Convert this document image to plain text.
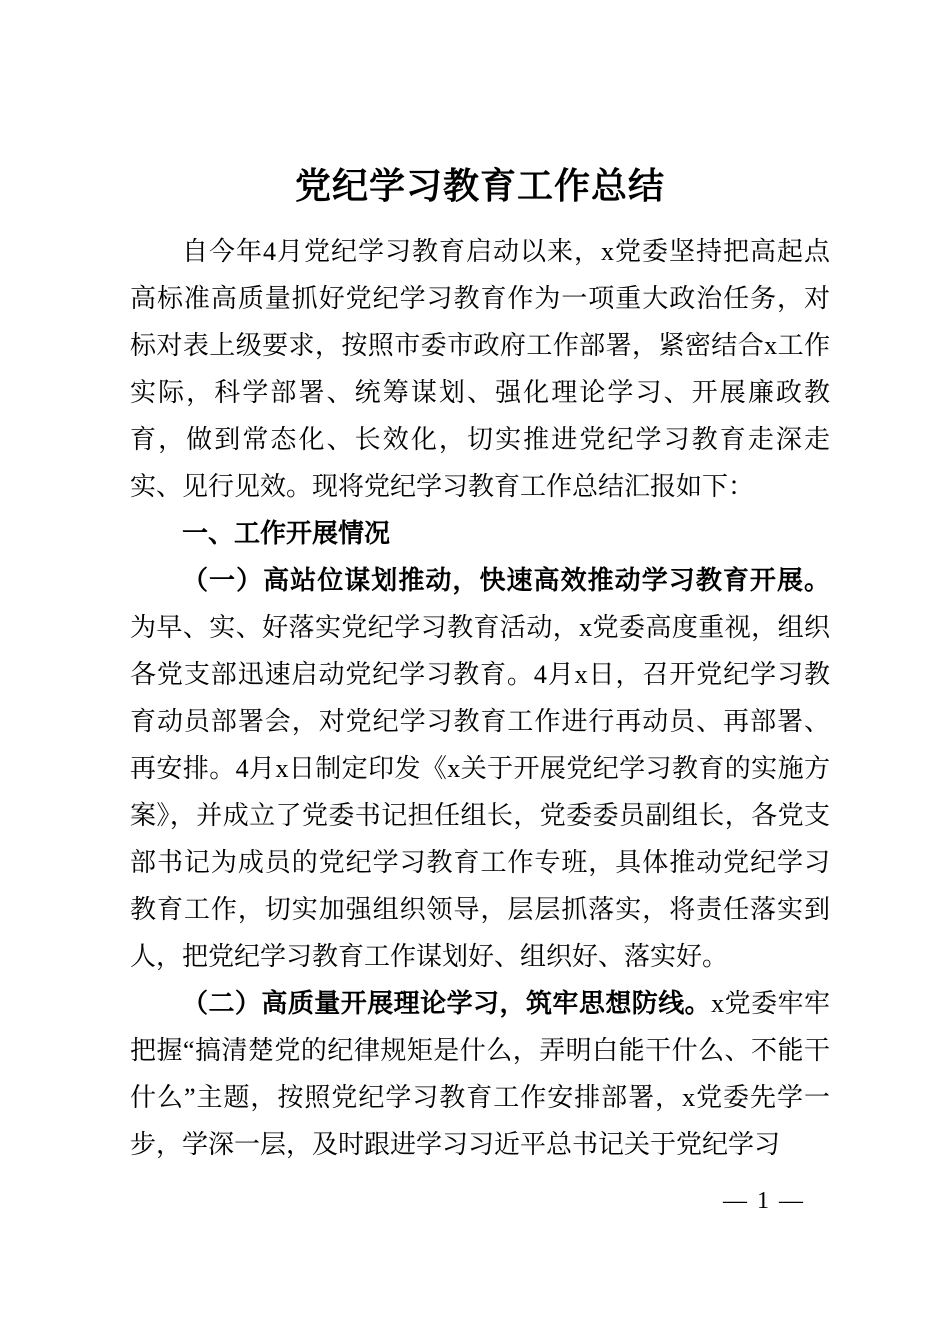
党纪学习教育工作总结

自今年4月党纪学习教育启动以来，x党委坚持把高起点高标准高质量抓好党纪学习教育作为一项重大政治任务，对标对表上级要求，按照市委市政府工作部署，紧密结合x工作实际，科学部署、统筹谋划、强化理论学习、开展廉政教育，做到常态化、长效化，切实推进党纪学习教育走深走实、见行见效。现将党纪学习教育工作总结汇报如下：

一、工作开展情况

（一）高站位谋划推动，快速高效推动学习教育开展。为早、实、好落实党纪学习教育活动，x党委高度重视，组织各党支部迅速启动党纪学习教育。4月x日，召开党纪学习教育动员部署会，对党纪学习教育工作进行再动员、再部署、再安排。4月x日制定印发《x关于开展党纪学习教育的实施方案》，并成立了党委书记担任组长，党委委员副组长，各党支部书记为成员的党纪学习教育工作专班，具体推动党纪学习教育工作，切实加强组织领导，层层抓落实，将责任落实到人，把党纪学习教育工作谋划好、组织好、落实好。

（二）高质量开展理论学习，筑牢思想防线。x党委牢牢把握“搞清楚党的纪律规矩是什么，弄明白能干什么、不能干什么”主题，按照党纪学习教育工作安排部署，x党委先学一步，学深一层，及时跟进学习习近平总书记关于党纪学习

— 1 —
